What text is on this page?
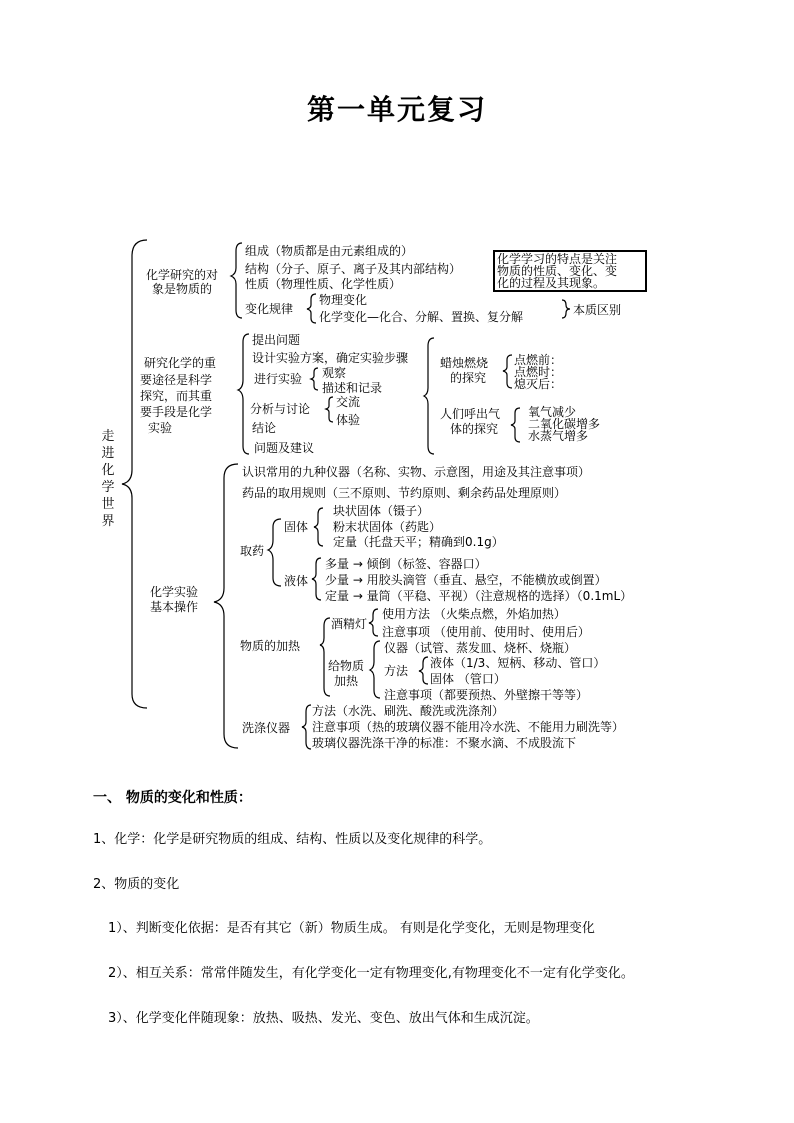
第一单元复习
走进化学世界
化学研究的对
象是物质的
组成（物质都是由元素组成的）
结构（分子、原子、离子及其内部结构）
性质（物理性质、化学性质）
化学学习的特点是关注
物质的性质、变化、变
化的过程及其现象。
变化规律
物理变化
化学变化—化合、分解、置换、复分解	本质区别
研究化学的重
要途径是科学
探究，而其重
要手段是化学
实验
提出问题
设计实验方案，确定实验步骤
进行实验 观察
描述和记录
分析与讨论 交流
体验
结论
问题及建议
蜡烛燃烧
的探究
点燃前：
点燃时：
熄灭后：
人们呼出气
体的探究
氧气减少
二氧化碳增多
水蒸气增多
化学实验
基本操作
认识常用的九种仪器（名称、实物、示意图，用途及其注意事项）
药品的取用规则（三不原则、节约原则、剩余药品处理原则）
取药
固体
块状固体（镊子）
粉末状固体（药匙）
定量（托盘天平；精确到0.1g）
液体
多量 → 倾倒（标签、容器口）
少量 → 用胶头滴管（垂直、悬空，不能横放或倒置）
定量 → 量筒（平稳、平视）（注意规格的选择）（0.1mL）
物质的加热
酒精灯
使用方法 （火柴点燃，外焰加热）
注意事项 （使用前、使用时、使用后）
给物质
加热
仪器（试管、蒸发皿、烧杯、烧瓶）
方法
液体（1/3、短柄、移动、管口）
固体 （管口）
注意事项（都要预热、外壁擦干等等）
洗涤仪器
方法（水洗、刷洗、酸洗或洗涤剂）
注意事项（热的玻璃仪器不能用冷水洗、不能用力刷洗等）
玻璃仪器洗涤干净的标准：不聚水滴、不成股流下
一、 物质的变化和性质：
1、化学：化学是研究物质的组成、结构、性质以及变化规律的科学。
2、物质的变化
1）、判断变化依据：是否有其它（新）物质生成。 有则是化学变化，无则是物理变化
2）、相互关系：常常伴随发生，有化学变化一定有物理变化,有物理变化不一定有化学变化。
3）、化学变化伴随现象：放热、吸热、发光、变色、放出气体和生成沉淀。
